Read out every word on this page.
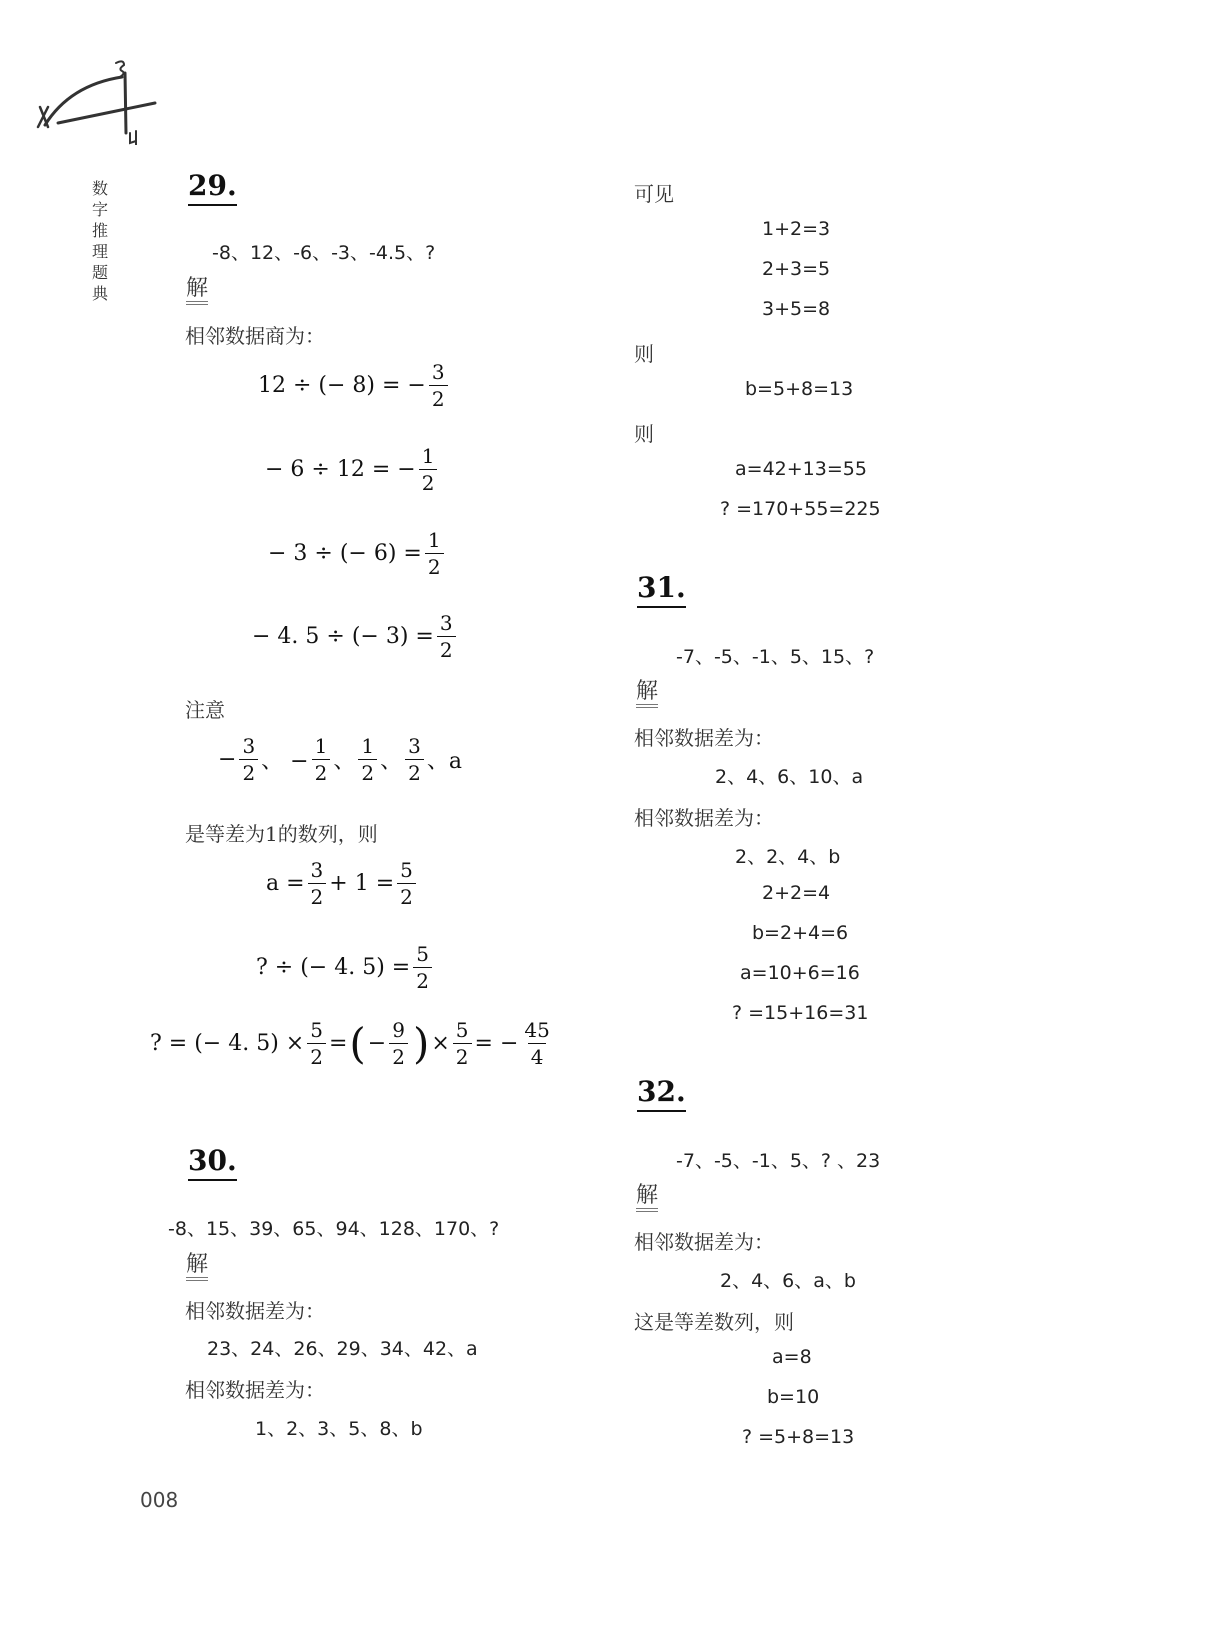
数
字
推
理
题
典
29.
-8、12、-6、-3、-4.5、?
解
相邻数据商为：
12 ÷ (− 8) = − $\frac{3}{2}$
− 6 ÷ 12 = − $\frac{1}{2}$
− 3 ÷ (− $6) = \frac{1}{2}$
− 4. 5 ÷ (− $3) = \frac{3}{2}$
注意
− $\frac{3}{2}$ 、 − $\frac{1}{2}$ 、 $\frac{1}{2}$ 、 $\frac{3}{2}$ 、a
是等差为1的数列，则
$a = \frac{3}{2} + 1 = \frac{5}{2}$
? ÷ (− 4. $5) = \frac{5}{2}$
? = (− 4. $5) \times \frac{5}{2}$ = ( − $\frac{9}{2}$ ) × $\frac{5}{2}$ = − $\frac{45}{4}$
30.
-8、15、39、65、94、128、170、?
解
相邻数据差为：
23、24、26、29、34、42、a
相邻数据差为：
1、2、3、5、8、b
可见
1+2=3
2+3=5
3+5=8
则
b=5+8=13
则
a=42+13=55
? =170+55=225
31.
-7、-5、-1、5、15、?
解
相邻数据差为：
2、4、6、10、a
相邻数据差为：
2、2、4、b
2+2=4
b=2+4=6
a=10+6=16
? =15+16=31
32.
-7、-5、-1、5、? 、23
解
相邻数据差为：
2、4、6、a、b
这是等差数列，则
a=8
b=10
? =5+8=13
008
